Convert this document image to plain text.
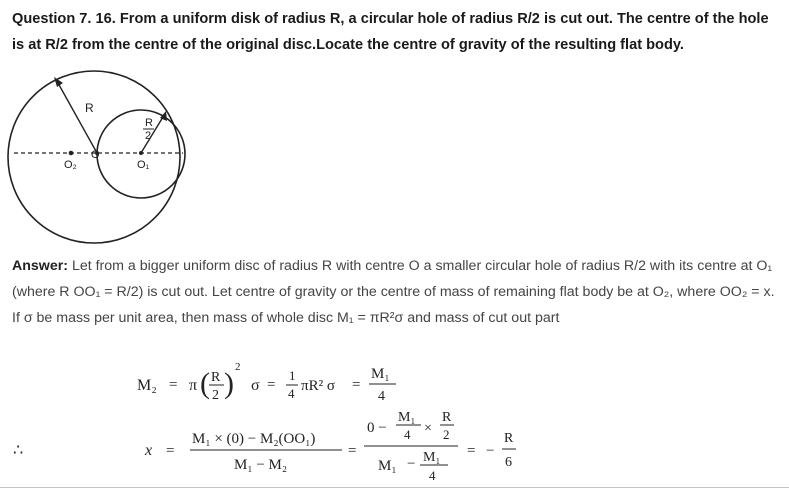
Question 7. 16. From a uniform disk of radius R, a circular hole of radius R/2 is cut out. The centre of the hole is at R/2 from the centre of the original disc.Locate the centre of gravity of the resulting flat body.
R
R
2
O₂
O
O₁
Answer: Let from a bigger uniform disc of radius R with centre O a smaller circular hole of radius R/2 with its centre at O₁ (where R OO₁ = R/2) is cut out. Let centre of gravity or the centre of mass of remaining flat body be at O₂, where OO₂ = x. If σ be mass per unit area, then mass of whole disc M₁ = πR²σ and mass of cut out part
M₂ = π ( R
2 ) 2
σ =
1
4 πR² σ =
M₁
4
∴	x =
M₁ × (0) − M₂(OO₁)
M₁ − M₂
=
0 −
M₁
4 ×
R
2
M₁ − M₁
4
= −
R
6
